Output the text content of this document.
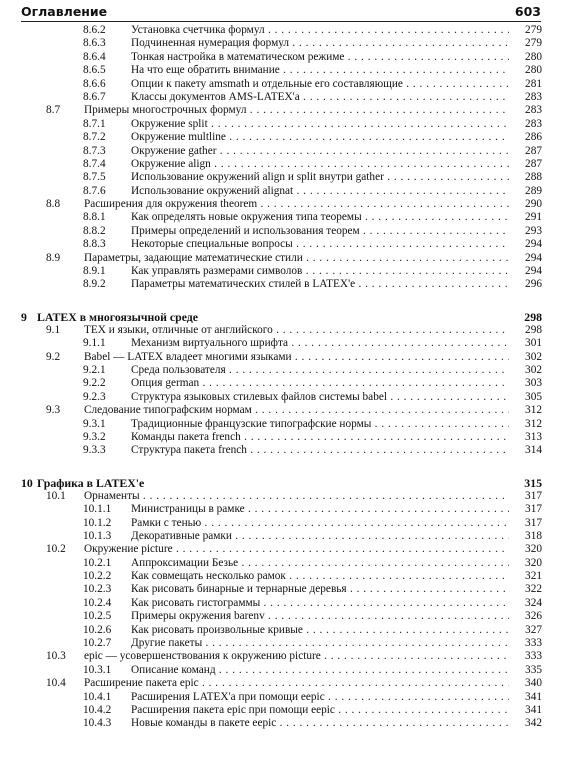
Оглавление	603
8.6.2 Установка счетчика формул . . .	279
8.6.3 Подчиненная нумерация формул . . .	279
8.6.4 Тонкая настройка в математическом режиме . . .	280
8.6.5 На что еще обратить внимание . . .	280
8.6.6 Опции к пакету amsmath и отдельные его составляющие . . .	281
8.6.7 Классы документов AMS-LATEX'а . . .	283
8.7 Примеры многострочных формул . . .	283
8.7.1 Окружение split . . .	283
8.7.2 Окружение multline . . .	286
8.7.3 Окружение gather . . .	287
8.7.4 Окружение align . . .	287
8.7.5 Использование окружений align и split внутри gather . . .	288
8.7.6 Использование окружений alignat . . .	289
8.8 Расширения для окружения theorem . . .	290
8.8.1 Как определять новые окружения типа теоремы . . .	291
8.8.2 Примеры определений и использования теорем . . .	293
8.8.3 Некоторые специальные вопросы . . .	294
8.9 Параметры, задающие математические стили . . .	294
8.9.1 Как управлять размерами символов . . .	294
8.9.2 Параметры математических стилей в LATEX'е . . .	296
9 LATEX в многоязычной среде	298
9.1 TEX и языки, отличные от английского . . .	298
9.1.1 Механизм виртуального шрифта . . .	301
9.2 Babel — LATEX владеет многими языками . . .	302
9.2.1 Среда пользователя . . .	302
9.2.2 Опция german . . .	303
9.2.3 Структура языковых стилевых файлов системы babel . . .	305
9.3 Следование типографским нормам . . .	312
9.3.1 Традиционные французские типографские нормы . . .	312
9.3.2 Команды пакета french . . .	313
9.3.3 Структура пакета french . . .	314
10 Графика в LATEX'е	315
10.1 Орнаменты . . .	317
10.1.1 Министраницы в рамке . . .	317
10.1.2 Рамки с тенью . . .	317
10.1.3 Декоративные рамки . . .	318
10.2 Окружение picture . . .	320
10.2.1 Аппроксимации Безье . . .	320
10.2.2 Как совмещать несколько рамок . . .	321
10.2.3 Как рисовать бинарные и тернарные деревья . . .	322
10.2.4 Как рисовать гистограммы . . .	324
10.2.5 Примеры окружения barenv . . .	326
10.2.6 Как рисовать произвольные кривые . . .	327
10.2.7 Другие пакеты . . .	333
10.3 epic — усовершенствования к окружению picture . . .	333
10.3.1 Описание команд . . .	335
10.4 Расширение пакета epic . . .	340
10.4.1 Расширения LATEX'а при помощи eepic . . .	341
10.4.2 Расширения пакета epic при помощи eepic . . .	341
10.4.3 Новые команды в пакете eepic . . .	342
